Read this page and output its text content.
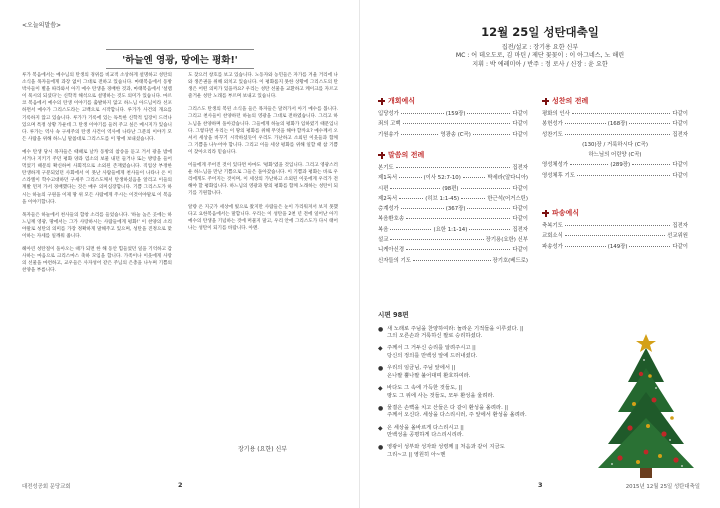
<오늘의말씀>
'하늘엔 영광, 땅에는 평화!'

루가 복음에서는 예수님의 탄생의 경위를 비교적 소상하게 설명하고 성탄의 소식을 목자들에게 과장 없이 그대로 전하고 있습니다. 마태복음에서 동방 박사들이 별을 따라와서 아기 예수 탄생을 경배한 것과, 마태복음에서 '설렘이 묵시의 되셨다'는 신학적 해석으로 설명하는 것도 의미가 있습니다. 마르코 복음에서 예수의 탄생 이야기를 출발하지 않고 하느님 아드님이라 선포하면서 예수가 그리스도라는 고백으로 시작합니다. 루가가 사건의 개요를 기록하지 않고 있습니다. 루가가 기록에 있는 독특한 신학적 입장이 드러나 있으며 특정 상황 가운데 그 탄생 이야기를 들려 주고 싶은 메시지가 있습니다. 루가는 역사 속 구세주의 탄생 사건이 역사에 나타난 그분의 이야기 모든 사람을 위해 하느님 말씀대로 그리스도를 이 땅에 보내셨습니다.

예수 탄생 당시 목자들은 때때로 날카 동방의 참송을 듣고 거서 광을 밤에 서거나 지키기 주던 평화 양과 염소의 보물 내던 들거나 또는 방랑을 들어 먹었기 때문의 확신하여 사회적으로 소외된 존재였습니다. 직업상 부정한 탄생하게 구분되었던 사회에서 이 못난 사람들에게 천사들이 나타나 온 이스라엘이 학수고대하던 구세주 그리스도께서 탄생하셨음을 알리고 이들의 계발 먼저 가서 경배했다는 것은 매우 의미심장합니다. 기쁨 그리스도가 하시는 하늘의 구원을 이제 땅 위 모든 사람에게 주시는 이것이야말로 이 복음을 이야기합니다.

목자들은 하늘에서 천사들의 합창 소리를 들었습니다. '하늘 높은 곳에는 하느님께 영광, 땅에서는 그가 사랑하시는 사람들에게 평화!' 이 찬양의 소리야말로 성탄의 의미를 가장 정확하게 말해주고 있으며, 성탄을 진정으로 맞이하는 자세를 일깨워 줍니다.

헤아린 성탄절이 돌아오는 때가 되면 한 해 동안 힘들었던 일을 기억하고 감사하는 마음으로 크리스마스 축하 모임을 합니다. 가족이나 이웃에게 사랑의 선물을 마련하고, 교우들은 사자성어 같은 주님의 은총을 나누며 기쁨의 찬양을 부릅니다.

도 찾으러 창호를 보고 있습니다. 노동자와 농민들은 자가를 겨울 거리에 나와 생존권을 위해 외치고 있습니다. 이 평화롭지 못한 상황에 그리스도의 탄생은 어떤 의미가 있을까요? 우리는 성탄 선물을 교환하고 케이크를 자르고 즐거운 성탄 노래를 부르며 보내고 있습니다.

그리스도 탄생의 복된 소식을 들은 목자들은 달려가서 아기 예수를 봅니다. 그리고 천사들이 찬양하던 하늘의 영광을 그대로 전하였습니다. 그리고 하느님을 찬양하며 돌아갔습니다. 그들에게 하늘의 평화가 임하였기 때문입니다. 그렇다면 우리는 이 땅의 평화를 위해 무엇을 해야 할까요? 예수께서 오셔서 세상을 바꾸기 시작하셨듯이 우리도 가난하고 소외된 이웃들과 함께 그 기쁨을 나누어야 합니다. 그리고 이들 세상 평화를 위해 일할 때 참 기쁨이 찾아오리라 믿습니다.

이들에게 주어진 것이 있다면 아마도 '평화'였을 것입니다. 그리고 영광스러운 하느님을 만난 기쁨으로 그들은 돌아갔습니다. 이 기쁨과 평화는 바로 우리에게도 주어지는 것이며, 이 세상의 가난하고 소외된 이웃에게 우리가 전해야 할 평화입니다. 하느님의 영광과 땅의 평화를 함께 노래하는 성탄이 되기를 기원합니다.

알량 온 지긋가 세상에 빛으로 왔지만 사람들은 눈이 가리워져서 보지 못했다고 요한복음에서는 말합니다. 우리는 이 성탄을 2천 년 전에 일어난 아기 예수의 탄생을 기념하는 것에 머물지 말고, 우리 안에 그리스도가 다시 태어나는 성탄이 되기를 바랍니다. 아멘.

장기용 (요한) 신부
대전성공회 문당교회	2
12월 25일 성탄대축일
집전/설교 : 장기용 요한 신부
MC : 어 데오도로, 김 마틴 / 제단 꽃꽂이 : 이 아그네스, 노 해린
지휘 : 박 에레미아 / 반주 : 정 로사 / 신장 : 윤 요한
개회예식
입당성가	(159장)	다같이
죄의 고백	다같이
기원송가	영광송 (C곡)	다같이
말씀의 전례
본기도	집전자
제1독서	(이사 52:7-10)	박세라(알다니아)
시편	(98편)	다같이
제2독서	(히브 1:1-45)	한근석(어거스틴)
층계성가	(367장)	다같이
복음환호송	다같이
복음	(요한 1:1-14)	집전자
설교	장기용(요한) 신부
니케아신경	다같이
신자들의 기도	장기호(베드로)
성찬의 전례
평화의 인사	다같이
봉헌성가	(168장)	다같이
성찬기도	집전자
(130)장 / 거룩하시다 (C곡)
하느님의 어린양 (C곡)
영성체성가	(289장)	다같이
영성체후 기도	다같이
파송예식
축복기도	집전자
교회소식	선교위원
파송성가	(149장)	다같이
시편 98편
● 새 노래로 주님을 찬양하여라: 놀라운 기적들을 이루셨다. ||
그의 오른손과 거룩하신 팔로 승리하셨다.
◆ 주께서 그 거두신 승리를 알려주시고 ||
당신의 정의를 만백성 앞에 드러내셨다.
● 우리의 임금님, 주님 앞에서 ||
온나팔 뿔나팔 불어대며 환호하여라.
◆ 바다도 그 속에 가득한 것들도, ||
땅도 그 위에 사는 것들도, 모두 환성을 울려라.
● 물결은 손뼉을 치고 산들은 다 같이 환성을 올려라. ||
주께서 오신다. 세상을 다스리시러, 주 앞에서 환성을 올려라.
◆ 온 세상을 올바르게 다스리시고 ||
만백성을 공평하게 다스리시리라.
● 영광이 성부와 성자와 성령께 || 처음과 같이 지금도
그리~고 || 영원히 아~멘
2015년 12월 25일 성탄대축일
3
